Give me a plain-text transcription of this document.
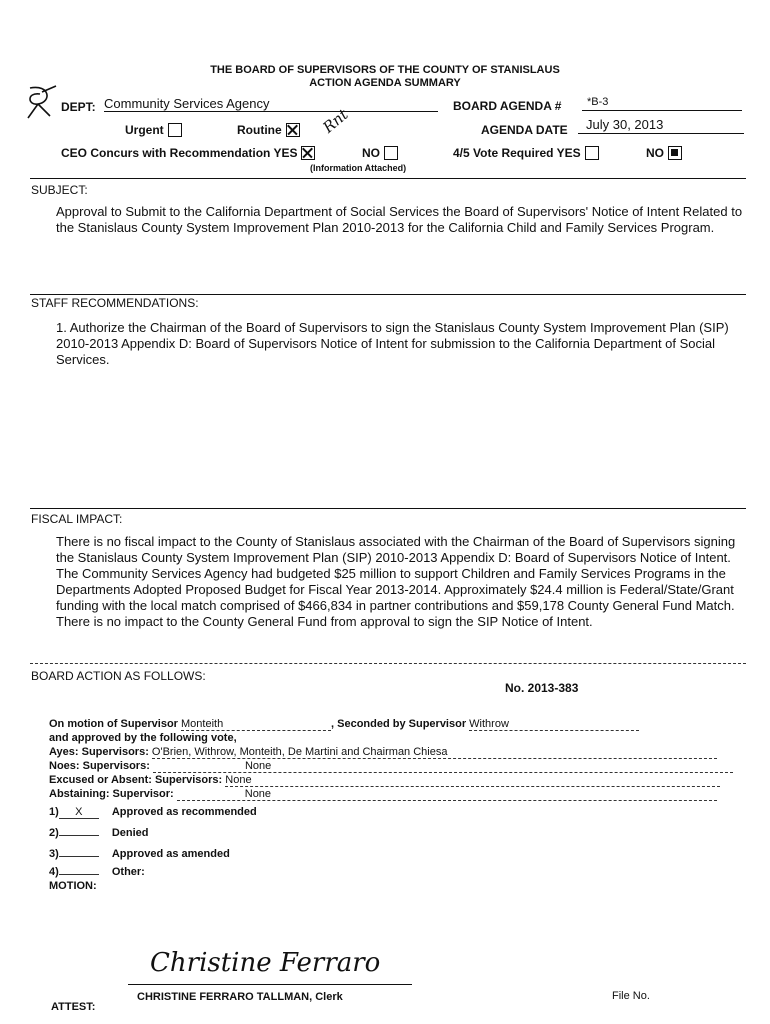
THE BOARD OF SUPERVISORS OF THE COUNTY OF STANISLAUS
ACTION AGENDA SUMMARY
DEPT: Community Services Agency	BOARD AGENDA #	*B-3
Urgent	Routine	Rnt	AGENDA DATE	July 30, 2013
CEO Concurs with Recommendation YES	NO
(Information Attached)
4/5 Vote Required YES	NO
SUBJECT:
Approval to Submit to the California Department of Social Services the Board of Supervisors' Notice of Intent Related to the Stanislaus County System Improvement Plan 2010-2013 for the California Child and Family Services Program.
STAFF RECOMMENDATIONS:
1. Authorize the Chairman of the Board of Supervisors to sign the Stanislaus County System Improvement Plan (SIP) 2010-2013 Appendix D: Board of Supervisors Notice of Intent for submission to the California Department of Social Services.
FISCAL IMPACT:
There is no fiscal impact to the County of Stanislaus associated with the Chairman of the Board of Supervisors signing the Stanislaus County System Improvement Plan (SIP) 2010-2013 Appendix D: Board of Supervisors Notice of Intent. The Community Services Agency had budgeted $25 million to support Children and Family Services Programs in the Departments Adopted Proposed Budget for Fiscal Year 2013-2014. Approximately $24.4 million is Federal/State/Grant funding with the local match comprised of $466,834 in partner contributions and $59,178 County General Fund Match. There is no impact to the County General Fund from approval to sign the SIP Notice of Intent.
BOARD ACTION AS FOLLOWS:
No. 2013-383
On motion of Supervisor Monteith	, Seconded by Supervisor Withrow
and approved by the following vote,
Ayes: Supervisors: O'Brien, Withrow, Monteith, De Martini and Chairman Chiesa
Noes: Supervisors:	None
Excused or Absent: Supervisors: None
Abstaining: Supervisor:	None
1) X	Approved as recommended
2)	Denied
3)	Approved as amended
4)	Other:
MOTION:
Christine Ferraro
ATTEST:
CHRISTINE FERRARO TALLMAN, Clerk	File No.
